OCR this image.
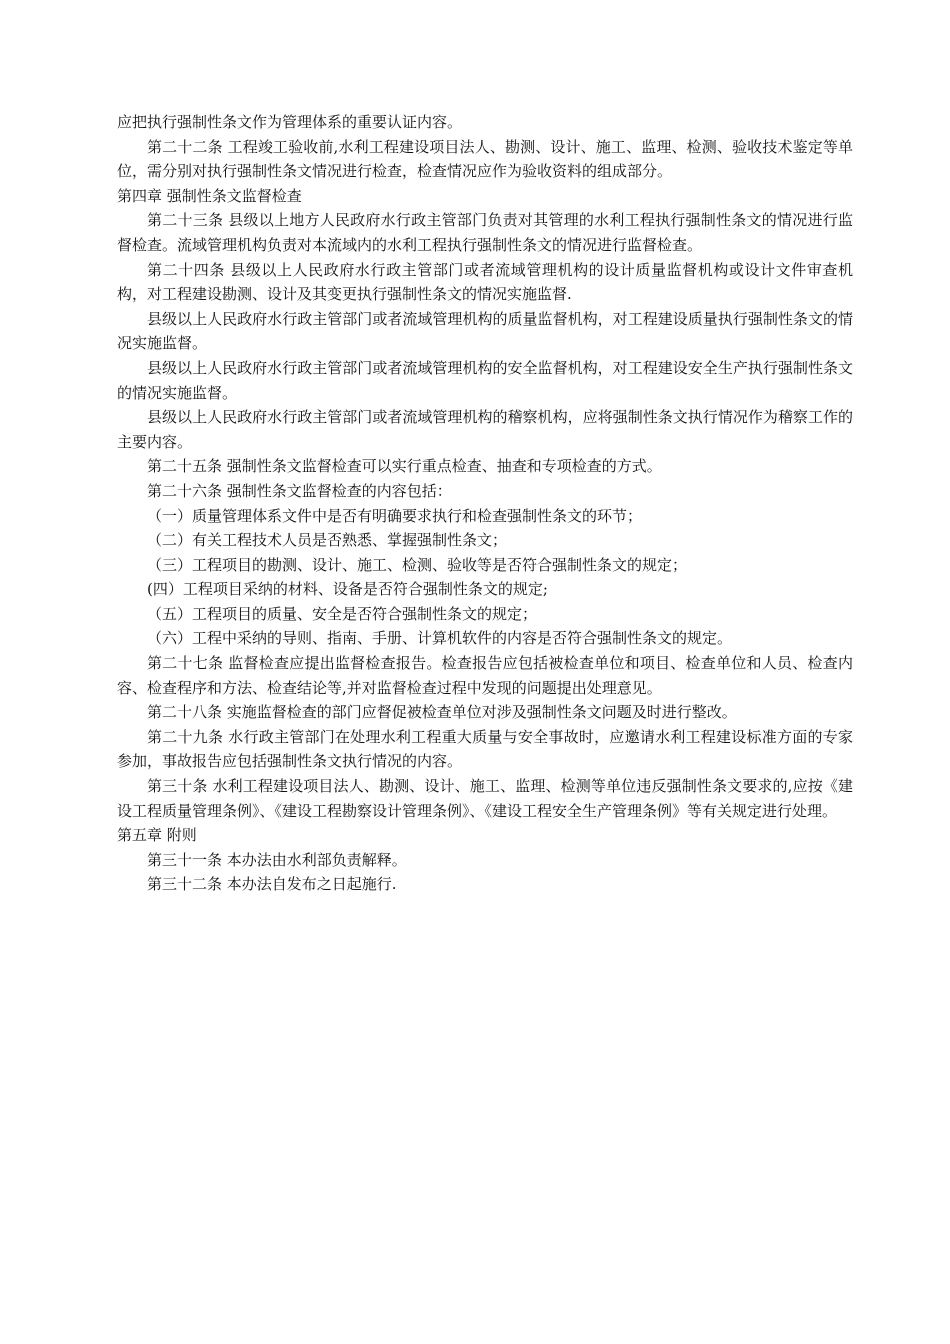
应把执行强制性条文作为管理体系的重要认证内容。

第二十二条 工程竣工验收前,水利工程建设项目法人、勘测、设计、施工、监理、检测、验收技术鉴定等单位，需分别对执行强制性条文情况进行检查，检查情况应作为验收资料的组成部分。

第四章 强制性条文监督检查

第二十三条 县级以上地方人民政府水行政主管部门负责对其管理的水利工程执行强制性条文的情况进行监督检查。流域管理机构负责对本流域内的水利工程执行强制性条文的情况进行监督检查。

第二十四条 县级以上人民政府水行政主管部门或者流域管理机构的设计质量监督机构或设计文件审查机构，对工程建设勘测、设计及其变更执行强制性条文的情况实施监督.

县级以上人民政府水行政主管部门或者流域管理机构的质量监督机构，对工程建设质量执行强制性条文的情况实施监督。

县级以上人民政府水行政主管部门或者流域管理机构的安全监督机构，对工程建设安全生产执行强制性条文的情况实施监督。

县级以上人民政府水行政主管部门或者流域管理机构的稽察机构，应将强制性条文执行情况作为稽察工作的主要内容。

第二十五条 强制性条文监督检查可以实行重点检查、抽查和专项检查的方式。

第二十六条 强制性条文监督检查的内容包括：

（一）质量管理体系文件中是否有明确要求执行和检查强制性条文的环节；

（二）有关工程技术人员是否熟悉、掌握强制性条文；

（三）工程项目的勘测、设计、施工、检测、验收等是否符合强制性条文的规定；

(四）工程项目采纳的材料、设备是否符合强制性条文的规定;

（五）工程项目的质量、安全是否符合强制性条文的规定；

（六）工程中采纳的导则、指南、手册、计算机软件的内容是否符合强制性条文的规定。

第二十七条 监督检查应提出监督检查报告。检查报告应包括被检查单位和项目、检查单位和人员、检查内容、检查程序和方法、检查结论等,并对监督检查过程中发现的问题提出处理意见。

第二十八条 实施监督检查的部门应督促被检查单位对涉及强制性条文问题及时进行整改。

第二十九条 水行政主管部门在处理水利工程重大质量与安全事故时，应邀请水利工程建设标准方面的专家参加，事故报告应包括强制性条文执行情况的内容。

第三十条 水利工程建设项目法人、勘测、设计、施工、监理、检测等单位违反强制性条文要求的,应按《建设工程质量管理条例》、《建设工程勘察设计管理条例》、《建设工程安全生产管理条例》等有关规定进行处理。

第五章 附则

第三十一条 本办法由水利部负责解释。

第三十二条 本办法自发布之日起施行.
